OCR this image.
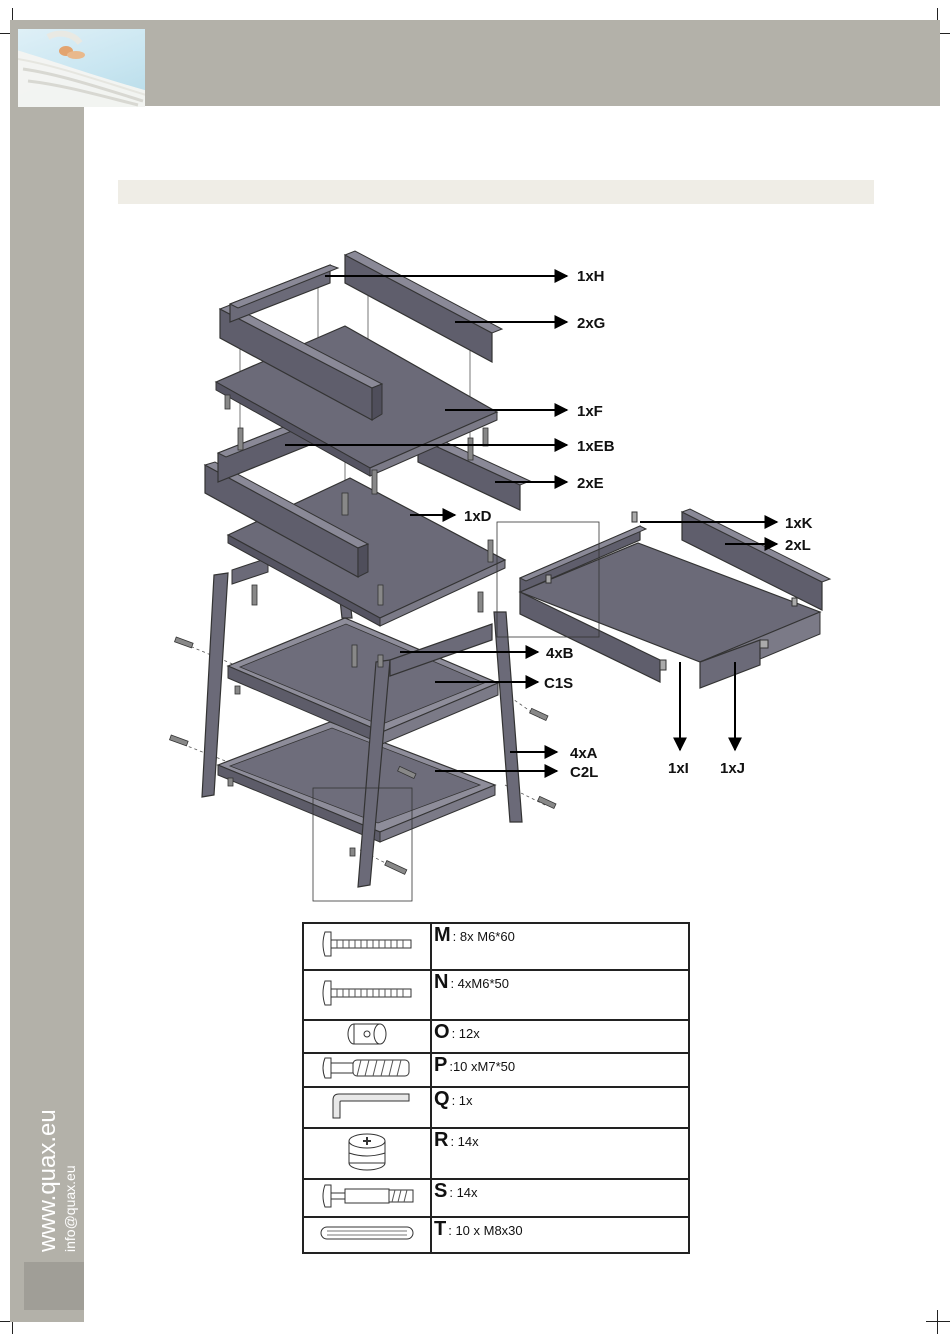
www.quax.eu info@quax.eu
1xH
2xG
1xF
1xEB
2xE
1xD	1xK
2xL
4xB
C1S
4xA
C2L	1xI 1xJ
	M : 8x M6*60
	N : 4xM6*50
	O : 12x
	P :10 xM7*50
	Q : 1x
	R : 14x
	S : 14x
	T : 10 x M8x30
